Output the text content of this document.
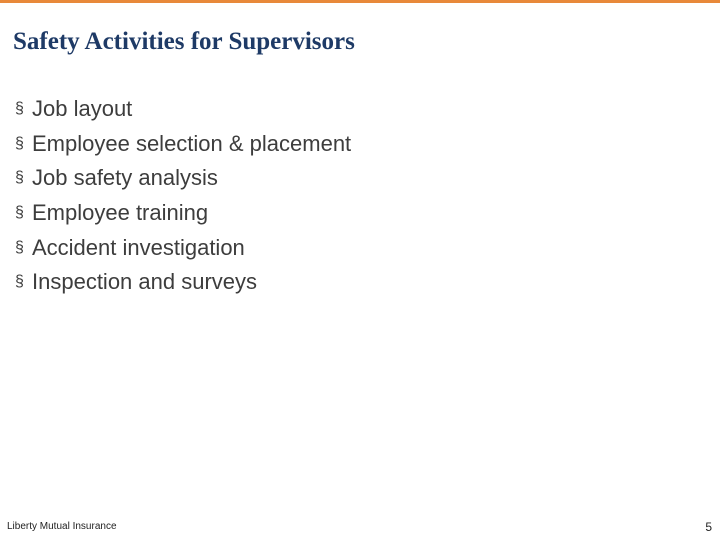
Safety Activities for Supervisors
§ Job layout
§ Employee selection & placement
§ Job safety analysis
§ Employee training
§ Accident investigation
§ Inspection and surveys
Liberty Mutual Insurance	5
